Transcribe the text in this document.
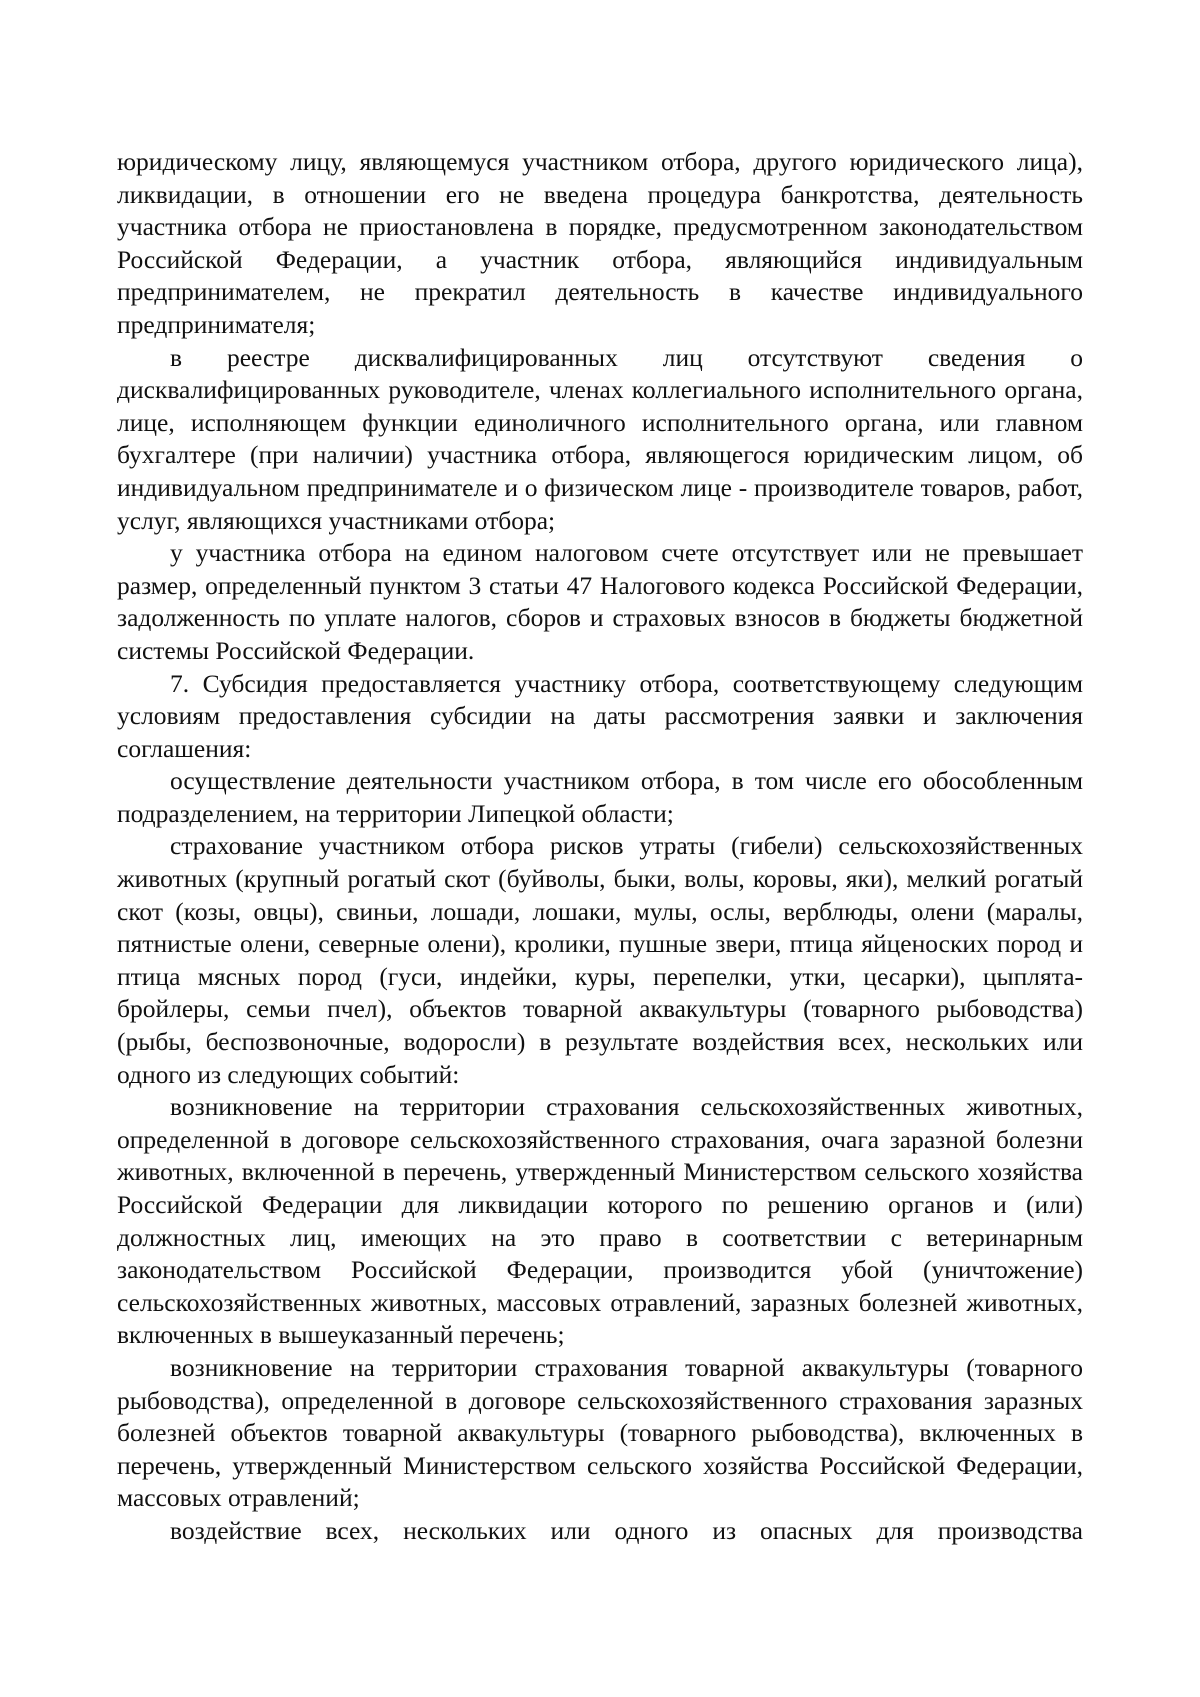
юридическому лицу, являющемуся участником отбора, другого юридического лица), ликвидации, в отношении его не введена процедура банкротства, деятельность участника отбора не приостановлена в порядке, предусмотренном законодательством Российской Федерации, а участник отбора, являющийся индивидуальным предпринимателем, не прекратил деятельность в качестве индивидуального предпринимателя;

в реестре дисквалифицированных лиц отсутствуют сведения о дисквалифицированных руководителе, членах коллегиального исполнительного органа, лице, исполняющем функции единоличного исполнительного органа, или главном бухгалтере (при наличии) участника отбора, являющегося юридическим лицом, об индивидуальном предпринимателе и о физическом лице - производителе товаров, работ, услуг, являющихся участниками отбора;

у участника отбора на едином налоговом счете отсутствует или не превышает размер, определенный пунктом 3 статьи 47 Налогового кодекса Российской Федерации, задолженность по уплате налогов, сборов и страховых взносов в бюджеты бюджетной системы Российской Федерации.

7. Субсидия предоставляется участнику отбора, соответствующему следующим условиям предоставления субсидии на даты рассмотрения заявки и заключения соглашения:

осуществление деятельности участником отбора, в том числе его обособленным подразделением, на территории Липецкой области;

страхование участником отбора рисков утраты (гибели) сельскохозяйственных животных (крупный рогатый скот (буйволы, быки, волы, коровы, яки), мелкий рогатый скот (козы, овцы), свиньи, лошади, лошаки, мулы, ослы, верблюды, олени (маралы, пятнистые олени, северные олени), кролики, пушные звери, птица яйценоских пород и птица мясных пород (гуси, индейки, куры, перепелки, утки, цесарки), цыплята-бройлеры, семьи пчел), объектов товарной аквакультуры (товарного рыбоводства) (рыбы, беспозвоночные, водоросли) в результате воздействия всех, нескольких или одного из следующих событий:

возникновение на территории страхования сельскохозяйственных животных, определенной в договоре сельскохозяйственного страхования, очага заразной болезни животных, включенной в перечень, утвержденный Министерством сельского хозяйства Российской Федерации для ликвидации которого по решению органов и (или) должностных лиц, имеющих на это право в соответствии с ветеринарным законодательством Российской Федерации, производится убой (уничтожение) сельскохозяйственных животных, массовых отравлений, заразных болезней животных, включенных в вышеуказанный перечень;

возникновение на территории страхования товарной аквакультуры (товарного рыбоводства), определенной в договоре сельскохозяйственного страхования заразных болезней объектов товарной аквакультуры (товарного рыбоводства), включенных в перечень, утвержденный Министерством сельского хозяйства Российской Федерации, массовых отравлений;

воздействие всех, нескольких или одного из опасных для производства
